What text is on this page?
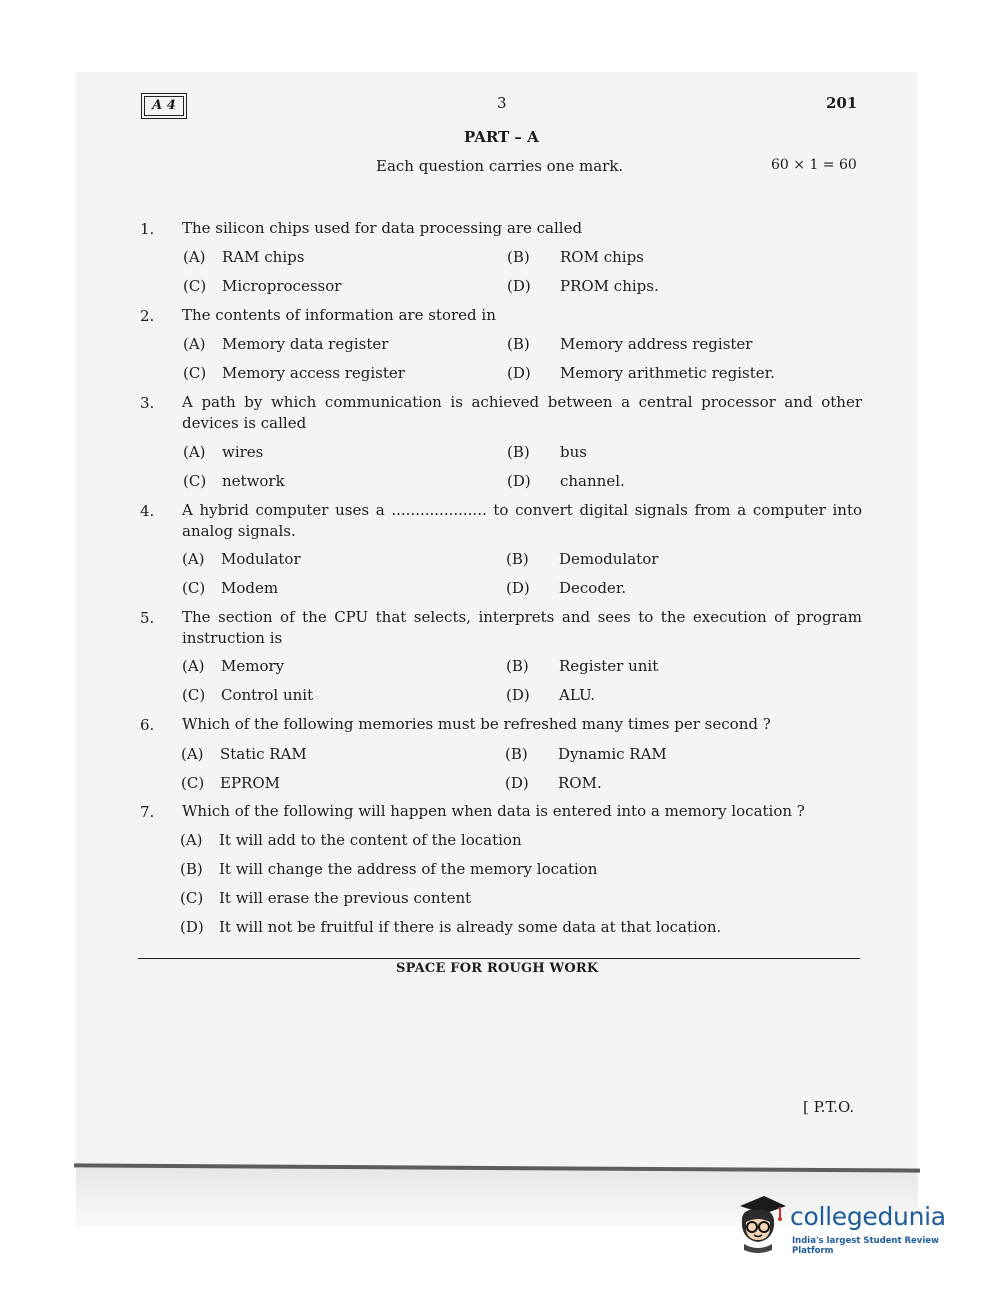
A 4	3	201
PART – A
Each question carries one mark.	60 × 1 = 60
1. The silicon chips used for data processing are called
(A) RAM chips	(B) ROM chips
(C) Microprocessor	(D) PROM chips.
2. The contents of information are stored in
(A) Memory data register	(B) Memory address register
(C) Memory access register	(D) Memory arithmetic register.
3. A path by which communication is achieved between a central processor and other devices is called
(A) wires	(B) bus
(C) network	(D) channel.
4. A hybrid computer uses a .................... to convert digital signals from a computer into analog signals.
(A) Modulator	(B) Demodulator
(C) Modem	(D) Decoder.
5. The section of the CPU that selects, interprets and sees to the execution of program instruction is
(A) Memory	(B) Register unit
(C) Control unit	(D) ALU.
6. Which of the following memories must be refreshed many times per second ?
(A) Static RAM	(B) Dynamic RAM
(C) EPROM	(D) ROM.
7. Which of the following will happen when data is entered into a memory location ?
(A) It will add to the content of the location
(B) It will change the address of the memory location
(C) It will erase the previous content
(D) It will not be fruitful if there is already some data at that location.
SPACE FOR ROUGH WORK
[ P.T.O.
collegedunia
India's largest Student Review Platform
